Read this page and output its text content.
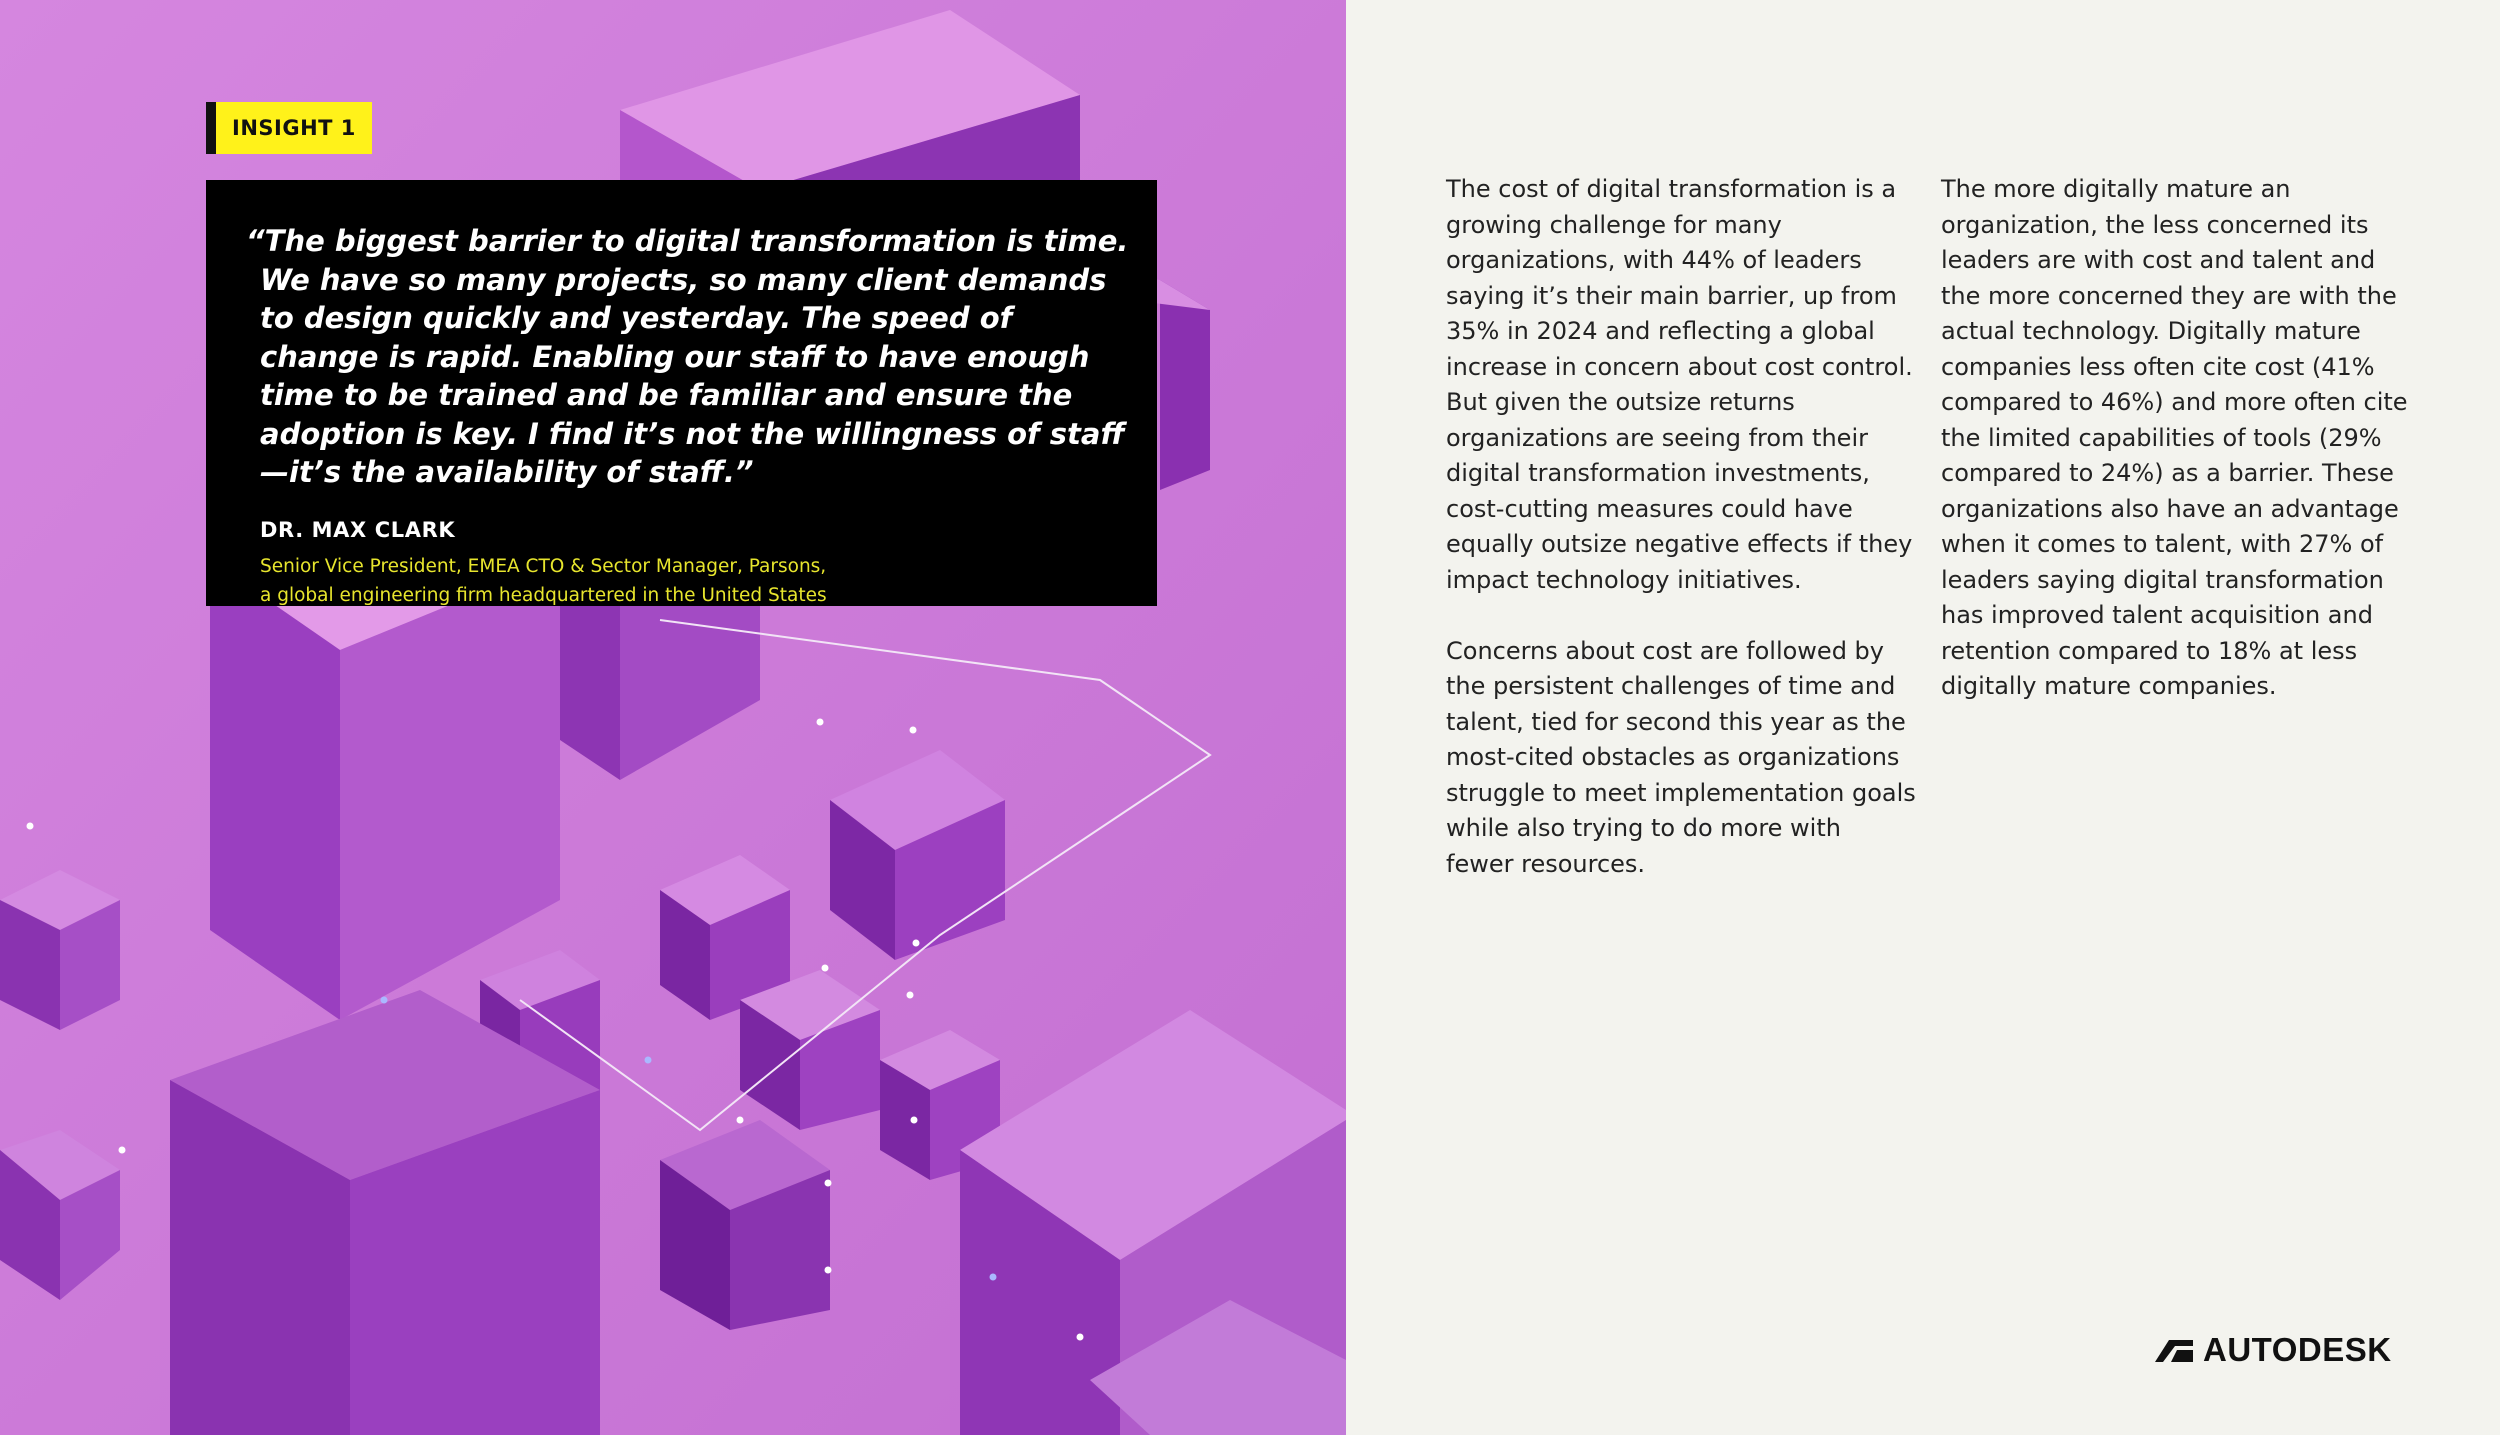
INSIGHT 1

“The biggest barrier to digital transformation is time. We have so many projects, so many client demands to design quickly and yesterday. The speed of change is rapid. Enabling our staff to have enough time to be trained and be familiar and ensure the adoption is key. I find it’s not the willingness of staff—it’s the availability of staff.”

DR. MAX CLARK
Senior Vice President, EMEA CTO & Sector Manager, Parsons,
a global engineering firm headquartered in the United States

The cost of digital transformation is a growing challenge for many organizations, with 44% of leaders saying it’s their main barrier, up from 35% in 2024 and reflecting a global increase in concern about cost control. But given the outsize returns organizations are seeing from their digital transformation investments, cost-cutting measures could have equally outsize negative effects if they impact technology initiatives.

Concerns about cost are followed by the persistent challenges of time and talent, tied for second this year as the most-cited obstacles as organizations struggle to meet implementation goals while also trying to do more with fewer resources.

The more digitally mature an organization, the less concerned its leaders are with cost and talent and the more concerned they are with the actual technology. Digitally mature companies less often cite cost (41% compared to 46%) and more often cite the limited capabilities of tools (29% compared to 24%) as a barrier. These organizations also have an advantage when it comes to talent, with 27% of leaders saying digital transformation has improved talent acquisition and retention compared to 18% at less digitally mature companies.

AUTODESK
